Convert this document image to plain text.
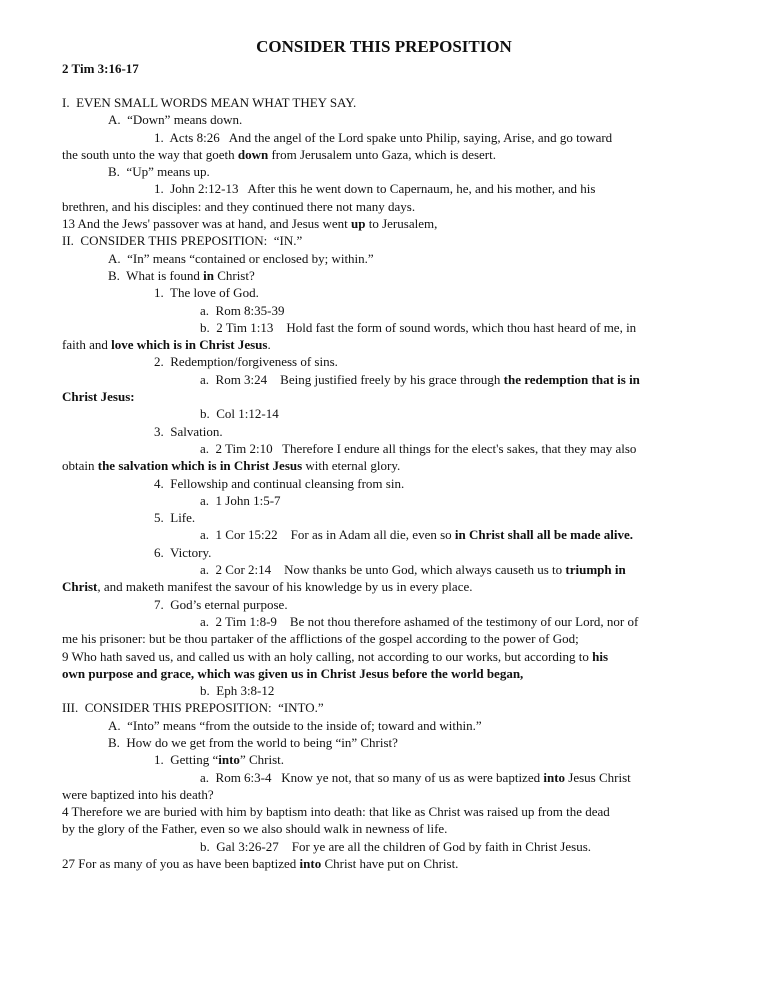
CONSIDER THIS PREPOSITION

2 Tim 3:16-17

I.  EVEN SMALL WORDS MEAN WHAT THEY SAY.

A.  “Down” means down.

1.  Acts 8:26   And the angel of the Lord spake unto Philip, saying, Arise, and go toward

the south unto the way that goeth down from Jerusalem unto Gaza, which is desert.

B.  “Up” means up.

1.  John 2:12-13   After this he went down to Capernaum, he, and his mother, and his

brethren, and his disciples: and they continued there not many days.

13 And the Jews' passover was at hand, and Jesus went up to Jerusalem,

II.  CONSIDER THIS PREPOSITION:  “IN.”

A.  “In” means “contained or enclosed by; within.”

B.  What is found in Christ?

1.  The love of God.

a.  Rom 8:35-39

b.  2 Tim 1:13    Hold fast the form of sound words, which thou hast heard of me, in

faith and love which is in Christ Jesus.

2.  Redemption/forgiveness of sins.

a.  Rom 3:24    Being justified freely by his grace through the redemption that is in

Christ Jesus:

b.  Col 1:12-14

3.  Salvation.

a.  2 Tim 2:10   Therefore I endure all things for the elect's sakes, that they may also

obtain the salvation which is in Christ Jesus with eternal glory.

4.  Fellowship and continual cleansing from sin.

a.  1 John 1:5-7

5.  Life.

a.  1 Cor 15:22    For as in Adam all die, even so in Christ shall all be made alive.

6.  Victory.

a.  2 Cor 2:14    Now thanks be unto God, which always causeth us to triumph in

Christ, and maketh manifest the savour of his knowledge by us in every place.

7.  God’s eternal purpose.

a.  2 Tim 1:8-9    Be not thou therefore ashamed of the testimony of our Lord, nor of

me his prisoner: but be thou partaker of the afflictions of the gospel according to the power of God;

9 Who hath saved us, and called us with an holy calling, not according to our works, but according to his

own purpose and grace, which was given us in Christ Jesus before the world began,

b.  Eph 3:8-12

III.  CONSIDER THIS PREPOSITION:  “INTO.”

A.  “Into” means “from the outside to the inside of; toward and within.”

B.  How do we get from the world to being “in” Christ?

1.  Getting “into” Christ.

a.  Rom 6:3-4   Know ye not, that so many of us as were baptized into Jesus Christ

were baptized into his death?

4 Therefore we are buried with him by baptism into death: that like as Christ was raised up from the dead

by the glory of the Father, even so we also should walk in newness of life.

b.  Gal 3:26-27    For ye are all the children of God by faith in Christ Jesus.

27 For as many of you as have been baptized into Christ have put on Christ.
